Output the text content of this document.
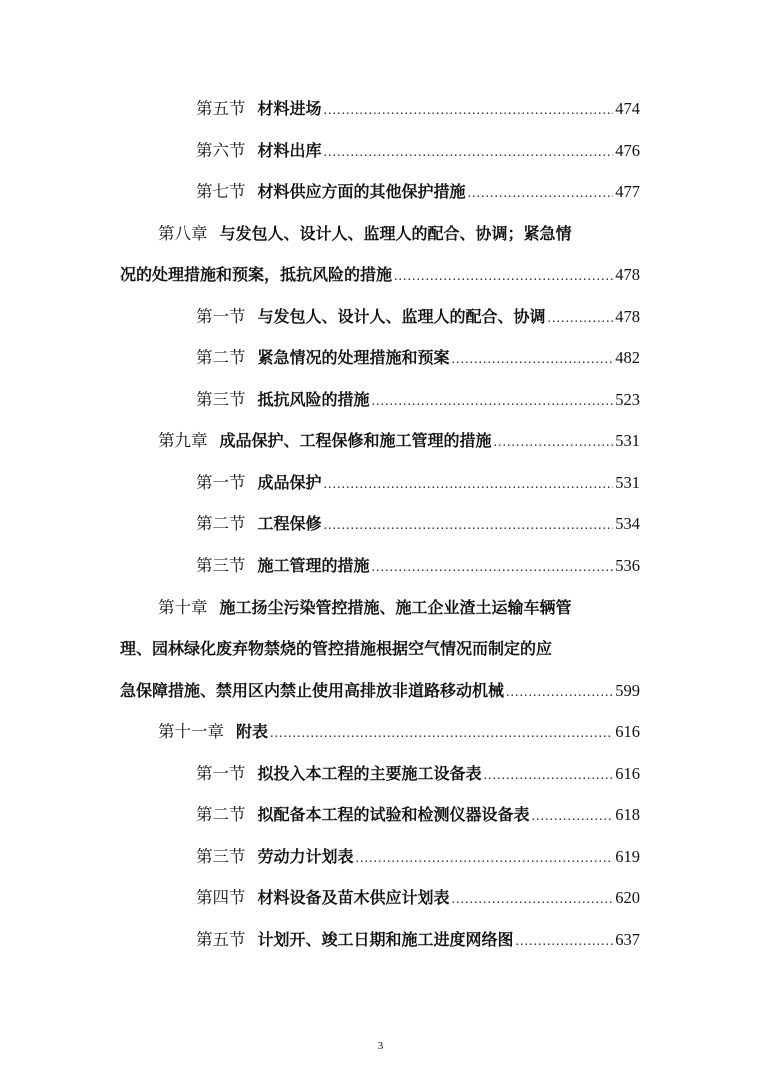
第五节 材料进场 .....	474
第六节 材料出库 .....	476
第七节 材料供应方面的其他保护措施 .....	477
第八章 与发包人、设计人、监理人的配合、协调；紧急情
况的处理措施和预案，抵抗风险的措施 .....	478
第一节 与发包人、设计人、监理人的配合、协调 .....	478
第二节 紧急情况的处理措施和预案 .....	482
第三节 抵抗风险的措施 .....	523
第九章 成品保护、工程保修和施工管理的措施 .....	531
第一节 成品保护 .....	531
第二节 工程保修 .....	534
第三节 施工管理的措施 .....	536
第十章 施工扬尘污染管控措施、施工企业渣土运输车辆管
理、园林绿化废弃物禁烧的管控措施根据空气情况而制定的应
急保障措施、禁用区内禁止使用高排放非道路移动机械 .....	599
第十一章 附表 .....	616
第一节 拟投入本工程的主要施工设备表 .....	616
第二节 拟配备本工程的试验和检测仪器设备表 .....	618
第三节 劳动力计划表 .....	619
第四节 材料设备及苗木供应计划表 .....	620
第五节 计划开、竣工日期和施工进度网络图 .....	637
3
